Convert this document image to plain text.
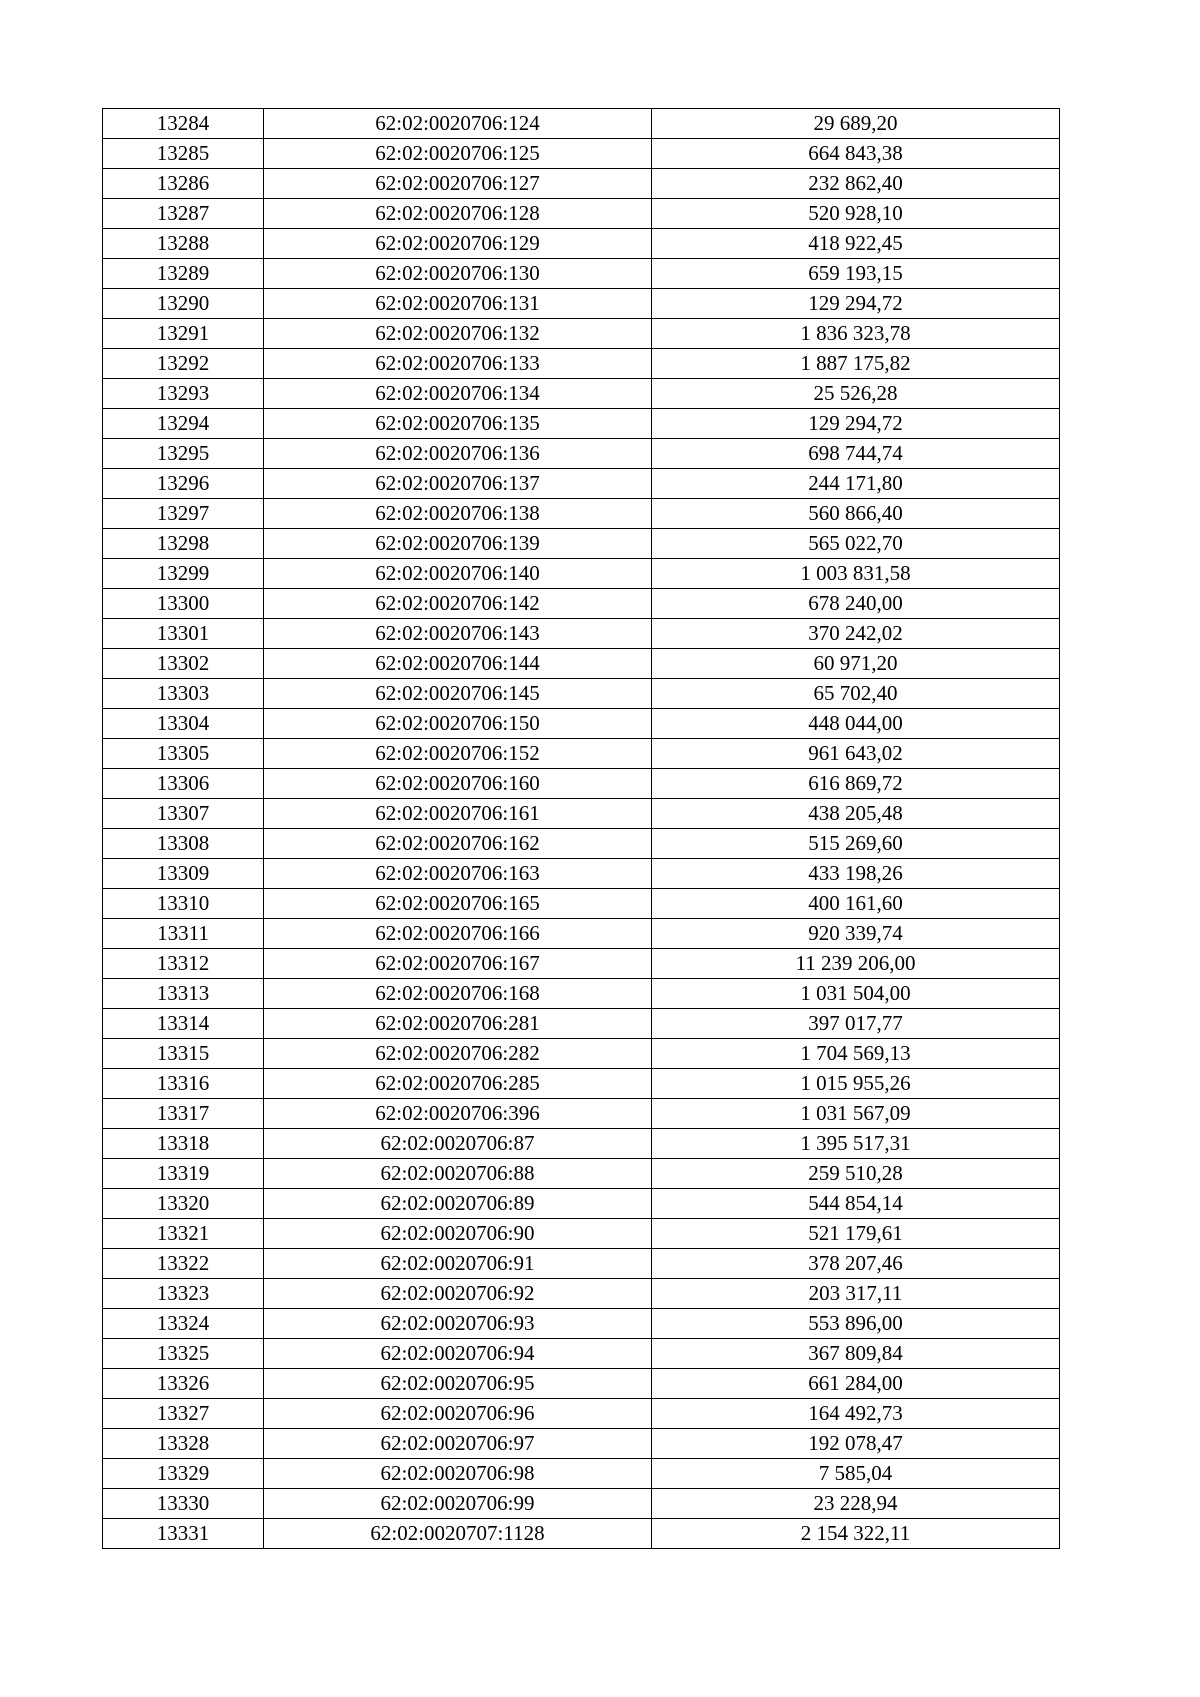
13284	62:02:0020706:124	29 689,20
13285	62:02:0020706:125	664 843,38
13286	62:02:0020706:127	232 862,40
13287	62:02:0020706:128	520 928,10
13288	62:02:0020706:129	418 922,45
13289	62:02:0020706:130	659 193,15
13290	62:02:0020706:131	129 294,72
13291	62:02:0020706:132	1 836 323,78
13292	62:02:0020706:133	1 887 175,82
13293	62:02:0020706:134	25 526,28
13294	62:02:0020706:135	129 294,72
13295	62:02:0020706:136	698 744,74
13296	62:02:0020706:137	244 171,80
13297	62:02:0020706:138	560 866,40
13298	62:02:0020706:139	565 022,70
13299	62:02:0020706:140	1 003 831,58
13300	62:02:0020706:142	678 240,00
13301	62:02:0020706:143	370 242,02
13302	62:02:0020706:144	60 971,20
13303	62:02:0020706:145	65 702,40
13304	62:02:0020706:150	448 044,00
13305	62:02:0020706:152	961 643,02
13306	62:02:0020706:160	616 869,72
13307	62:02:0020706:161	438 205,48
13308	62:02:0020706:162	515 269,60
13309	62:02:0020706:163	433 198,26
13310	62:02:0020706:165	400 161,60
13311	62:02:0020706:166	920 339,74
13312	62:02:0020706:167	11 239 206,00
13313	62:02:0020706:168	1 031 504,00
13314	62:02:0020706:281	397 017,77
13315	62:02:0020706:282	1 704 569,13
13316	62:02:0020706:285	1 015 955,26
13317	62:02:0020706:396	1 031 567,09
13318	62:02:0020706:87	1 395 517,31
13319	62:02:0020706:88	259 510,28
13320	62:02:0020706:89	544 854,14
13321	62:02:0020706:90	521 179,61
13322	62:02:0020706:91	378 207,46
13323	62:02:0020706:92	203 317,11
13324	62:02:0020706:93	553 896,00
13325	62:02:0020706:94	367 809,84
13326	62:02:0020706:95	661 284,00
13327	62:02:0020706:96	164 492,73
13328	62:02:0020706:97	192 078,47
13329	62:02:0020706:98	7 585,04
13330	62:02:0020706:99	23 228,94
13331	62:02:0020707:1128	2 154 322,11
